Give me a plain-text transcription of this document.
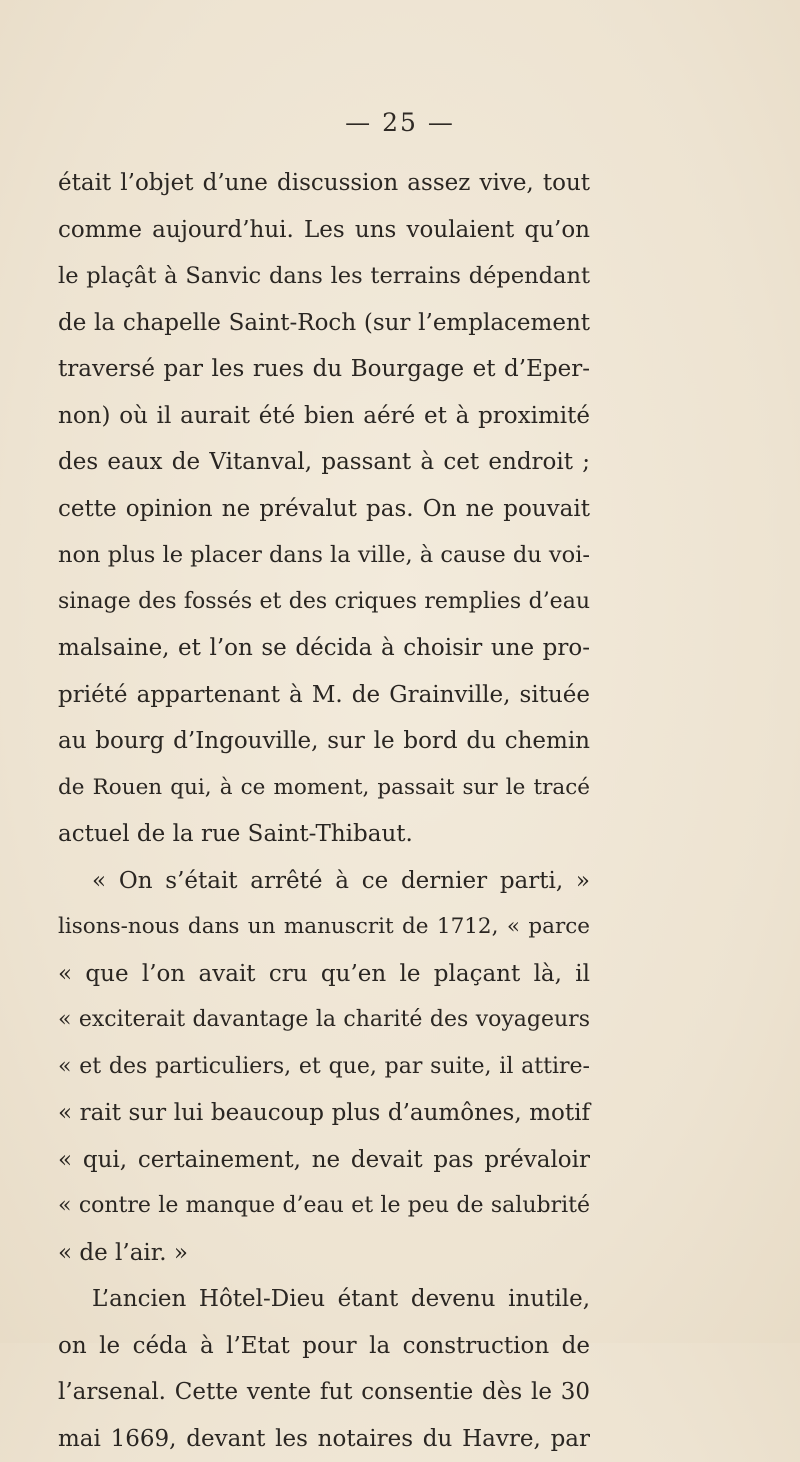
— 25 —
était l’objet d’une discussion assez vive, tout
comme aujourd’hui. Les uns voulaient qu’on
le plaçât à Sanvic dans les terrains dépendant
de la chapelle Saint-Roch (sur l’emplacement
traversé par les rues du Bourgage et d’Eper-
non) où il aurait été bien aéré et à proximité
des eaux de Vitanval, passant à cet endroit ;
cette opinion ne prévalut pas. On ne pouvait
non plus le placer dans la ville, à cause du voi-
sinage des fossés et des criques remplies d’eau
malsaine, et l’on se décida à choisir une pro-
priété appartenant à M. de Grainville, située
au bourg d’Ingouville, sur le bord du chemin
de Rouen qui, à ce moment, passait sur le tracé
actuel de la rue Saint-Thibaut.
« On s’était arrêté à ce dernier parti, »
lisons-nous dans un manuscrit de 1712, « parce
« que l’on avait cru qu’en le plaçant là, il
« exciterait davantage la charité des voyageurs
« et des particuliers, et que, par suite, il attire-
« rait sur lui beaucoup plus d’aumônes, motif
« qui, certainement, ne devait pas prévaloir
« contre le manque d’eau et le peu de salubrité
« de l’air. »
L’ancien Hôtel-Dieu étant devenu inutile,
on le céda à l’Etat pour la construction de
l’arsenal. Cette vente fut consentie dès le 30
mai 1669, devant les notaires du Havre, par
